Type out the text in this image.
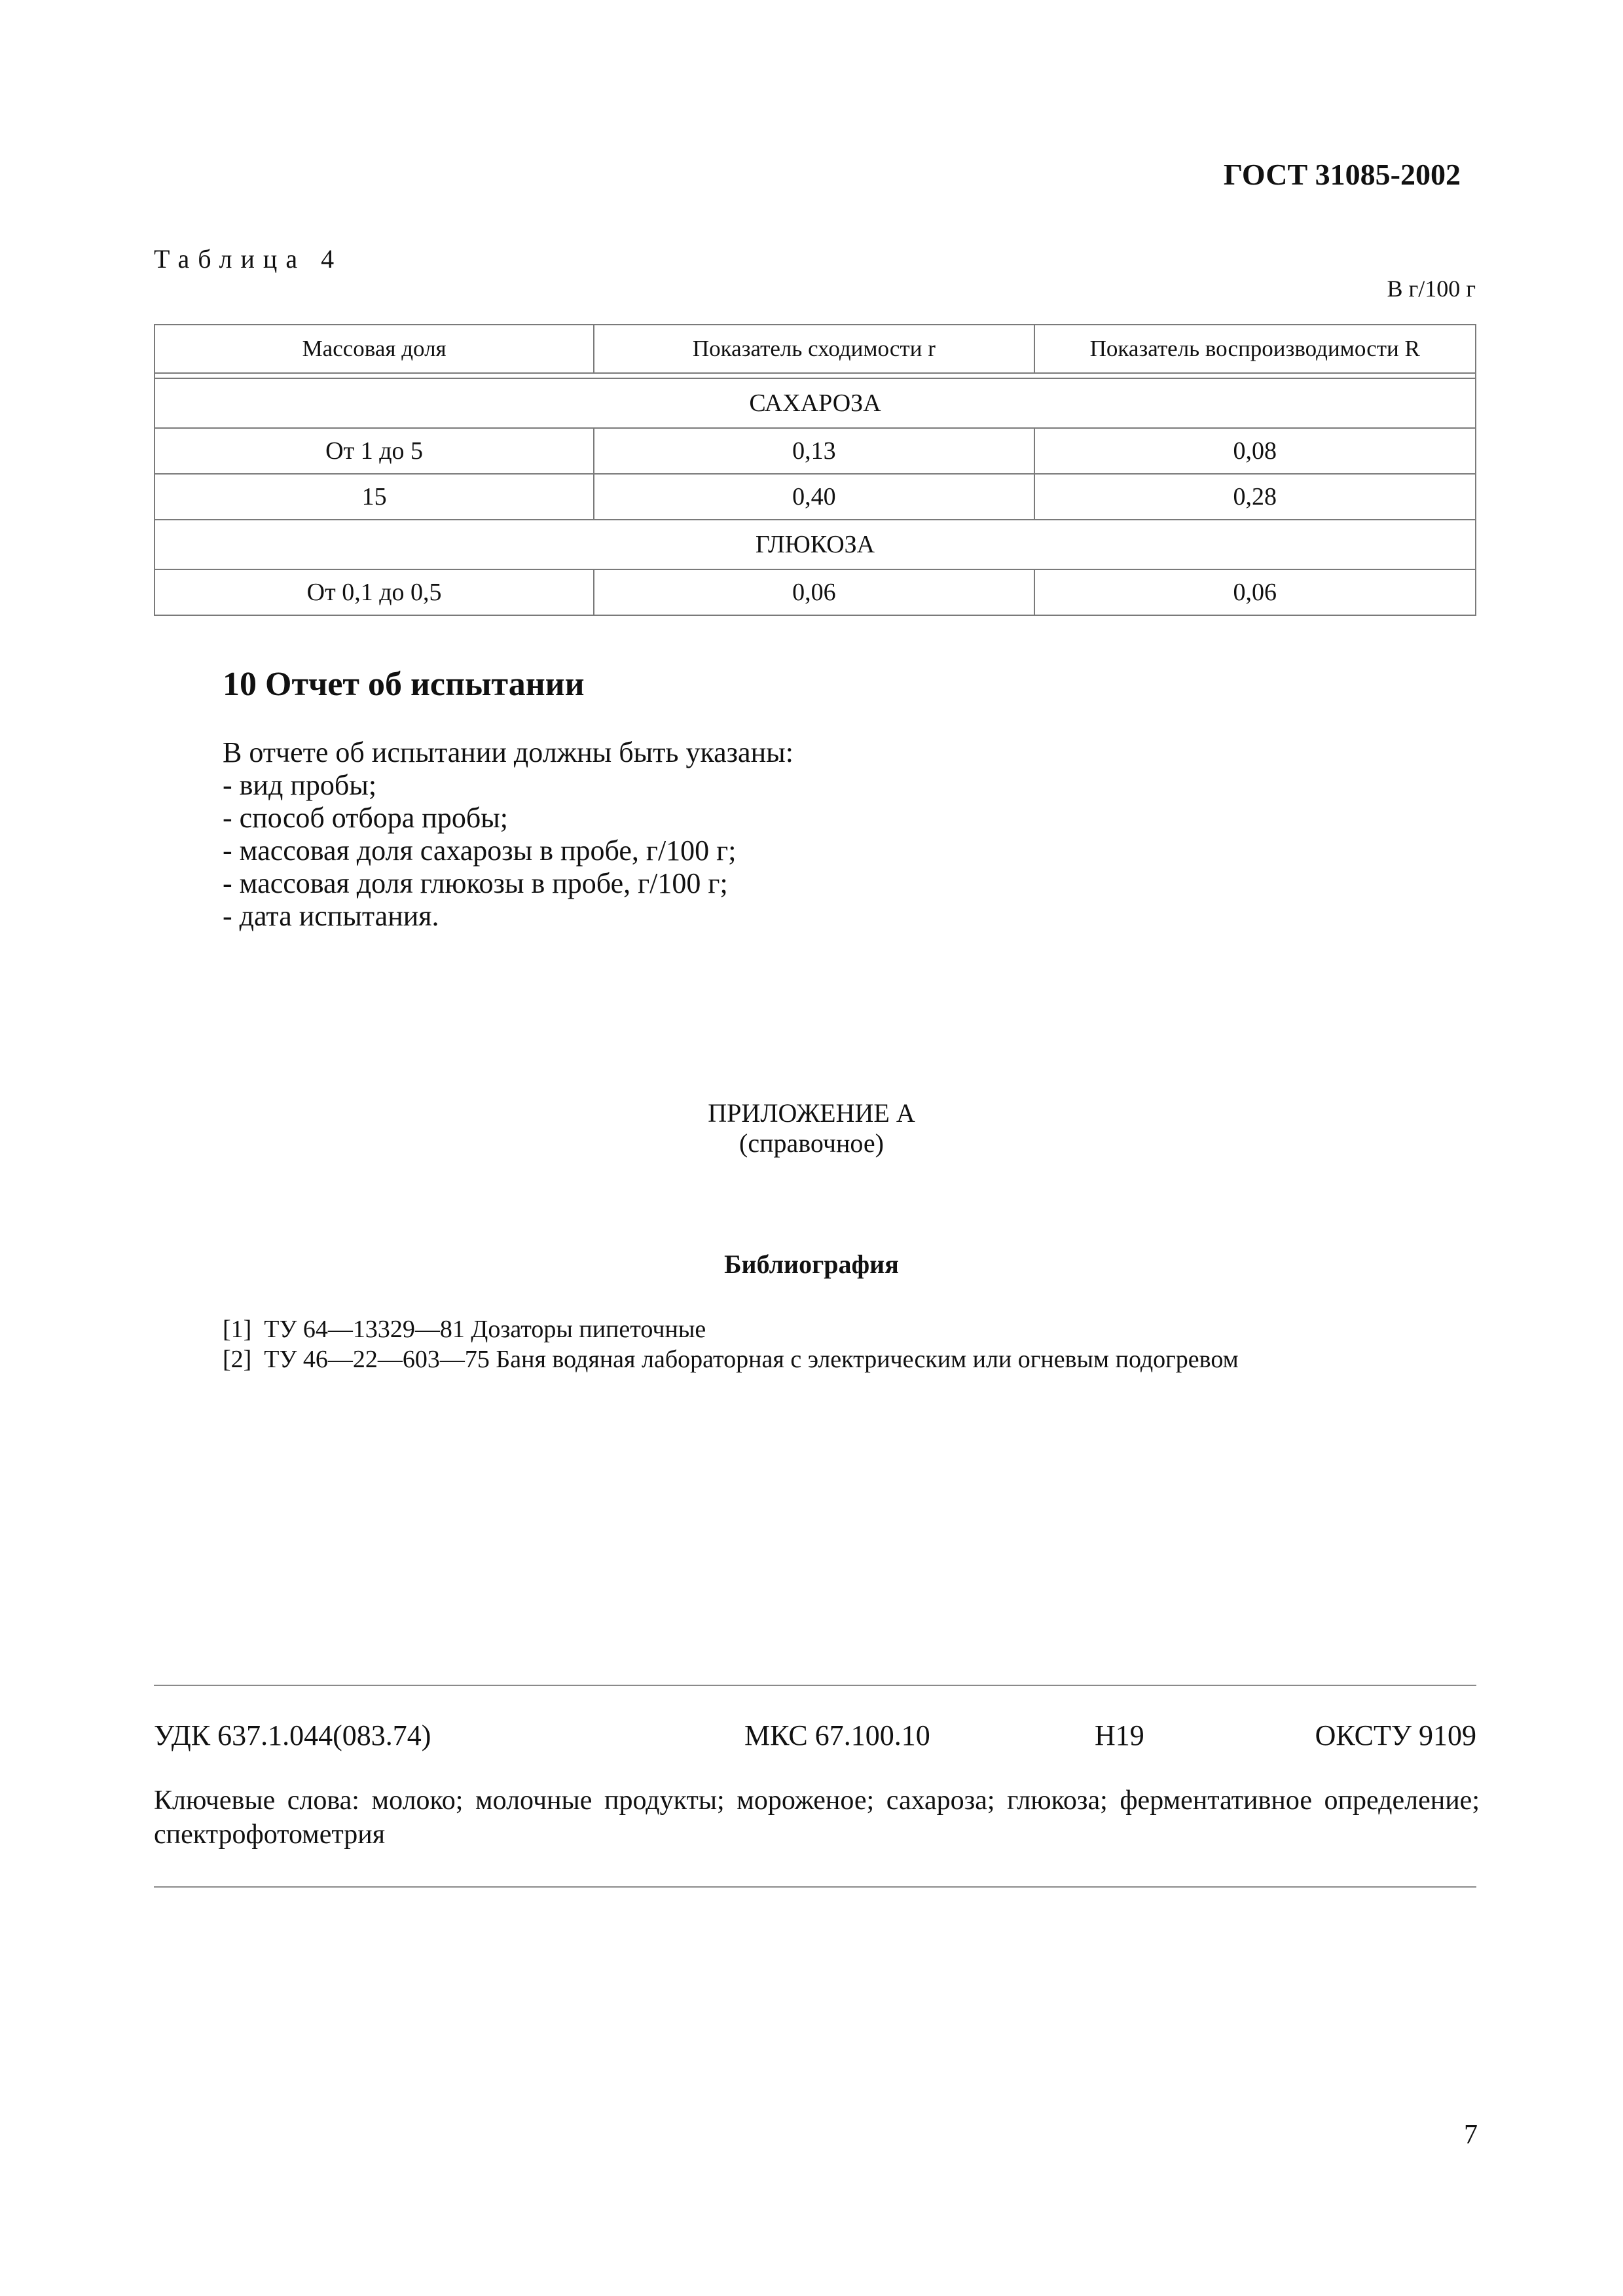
ГОСТ 31085-2002
Таблица 4
В г/100 г
Массовая доля	Показатель сходимости r	Показатель воспроизводимости R

САХАРОЗА		
От 1 до 5	0,13	0,08
15	0,40	0,28
ГЛЮКОЗА		
От 0,1 до 0,5	0,06	0,06
10 Отчет об испытании
В отчете об испытании должны быть указаны:
- вид пробы;
- способ отбора пробы;
- массовая доля сахарозы в пробе, г/100 г;
- массовая доля глюкозы в пробе, г/100 г;
- дата испытания.
ПРИЛОЖЕНИЕ А
(справочное)
Библиография
[1]  ТУ 64—13329—81 Дозаторы пипеточные
[2]  ТУ 46—22—603—75 Баня водяная лабораторная с электрическим или огневым подогревом
УДК 637.1.044(083.74)	МКС 67.100.10	Н19	ОКСТУ 9109
Ключевые слова: молоко; молочные продукты; мороженое; сахароза; глюкоза; ферментативное определение; спектрофотометрия
7
